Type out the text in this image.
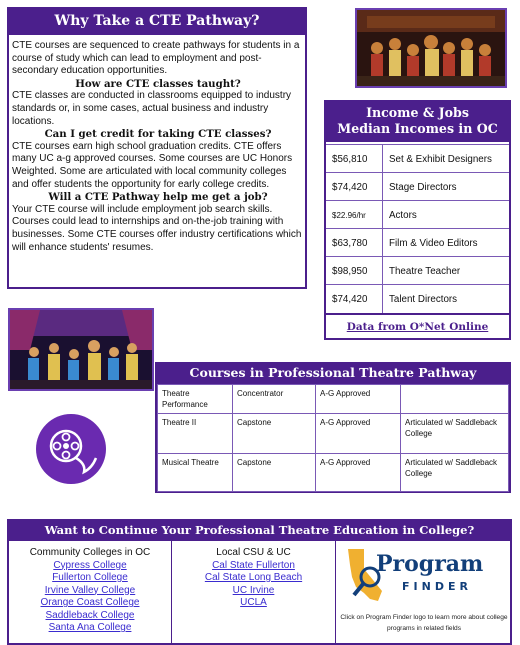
Why Take a CTE Pathway?

CTE courses are sequenced to create pathways for students in a course of study which can lead to employment and post-secondary education opportunities.

How are CTE classes taught?

CTE classes are conducted in classrooms equipped to industry standards or, in some cases, actual business and industry locations.

Can I get credit for taking CTE classes?

CTE courses earn high school graduation credits. CTE offers many UC a-g approved courses. Some courses are UC Honors Weighted. Some are articulated with local community colleges and offer students the opportunity for early college credits.

Will a CTE Pathway help me get a job?

Your CTE course will include employment job search skills. Courses could lead to internships and on-the-job training with businesses. Some CTE courses offer industry certifications which will enhance students' resumes.

Income & Jobs
Median Incomes in OC
$56,810	Set & Exhibit Designers
$74,420	Stage Directors
$22.96/hr	Actors
$63,780	Film & Video Editors
$98,950	Theatre Teacher
$74,420	Talent Directors
Data from O*Net Online
Courses in Professional Theatre Pathway
Theatre Performance	Concentrator	A-G Approved	
Theatre II	Capstone	A-G Approved	Articulated w/ Saddleback College
Musical Theatre	Capstone	A-G Approved	Articulated w/ Saddleback College
Want to Continue Your Professional Theatre Education in College?
Community Colleges in OC
Cypress College
Fullerton College
Irvine Valley College
Orange Coast College
Saddleback College
Santa Ana College
Local CSU & UC
Cal State Fullerton
Cal State Long Beach
UC Irvine
UCLA
Program
FINDER
Click on Program Finder logo to learn more about college programs in related fields
